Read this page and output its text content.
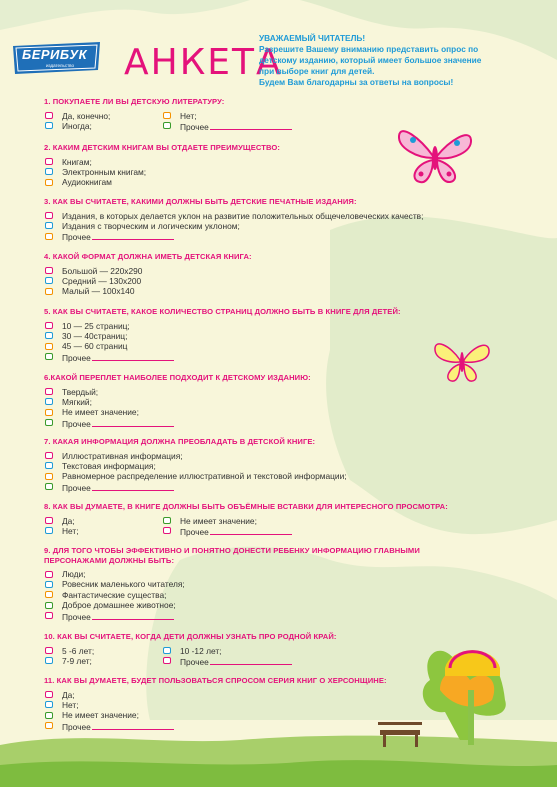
БЕРИБУК
издательство АНКЕТА
УВАЖАЕМЫЙ ЧИТАТЕЛЬ!
Разрешите Вашему вниманию представить опрос по
детскому изданию, который имеет большое значение
при выборе книг для детей.
Будем Вам благодарны за ответы на вопросы!
1. ПОКУПАЕТЕ ЛИ ВЫ ДЕТСКУЮ ЛИТЕРАТУРУ:
Да, конечно;
Иногда;
Нет;
Прочее
2. КАКИМ ДЕТСКИМ КНИГАМ ВЫ ОТДАЕТЕ ПРЕИМУЩЕСТВО:
Книгам;
Электронным книгам;
Аудиокнигам
3. КАК ВЫ СЧИТАЕТЕ, КАКИМИ ДОЛЖНЫ БЫТЬ ДЕТСКИЕ ПЕЧАТНЫЕ ИЗДАНИЯ:
Издания, в которых делается уклон на развитие положительных общечеловеческих качеств;
Издания с творческим и логическим уклоном;
Прочее
4. КАКОЙ ФОРМАТ ДОЛЖНА ИМЕТЬ ДЕТСКАЯ КНИГА:
Большой — 220х290
Средний — 130х200
Малый — 100х140
5. КАК ВЫ СЧИТАЕТЕ, КАКОЕ КОЛИЧЕСТВО СТРАНИЦ ДОЛЖНО БЫТЬ В КНИГЕ ДЛЯ ДЕТЕЙ:
10 — 25 страниц;
30 — 40страниц;
45 — 60 страниц
Прочее
6.КАКОЙ ПЕРЕПЛЕТ НАИБОЛЕЕ ПОДХОДИТ К ДЕТСКОМУ ИЗДАНИЮ:
Твердый;
Мягкий;
Не имеет значение;
Прочее
7. КАКАЯ ИНФОРМАЦИЯ ДОЛЖНА ПРЕОБЛАДАТЬ В ДЕТСКОЙ КНИГЕ:
Иллюстративная информация;
Текстовая информация;
Равномерное распределение иллюстративной и текстовой информации;
Прочее
8. КАК ВЫ ДУМАЕТЕ, В КНИГЕ ДОЛЖНЫ БЫТЬ ОБЪЁМНЫЕ ВСТАВКИ ДЛЯ ИНТЕРЕСНОГО ПРОСМОТРА:
Да;
Нет;
Не имеет значение;
Прочее
9. ДЛЯ ТОГО ЧТОБЫ ЭФФЕКТИВНО И ПОНЯТНО ДОНЕСТИ РЕБЕНКУ ИНФОРМАЦИЮ ГЛАВНЫМИ ПЕРСОНАЖАМИ ДОЛЖНЫ БЫТЬ:
Люди;
Ровесник маленького читателя;
Фантастические существа;
Доброе домашнее животное;
Прочее
10. КАК ВЫ СЧИТАЕТЕ, КОГДА ДЕТИ ДОЛЖНЫ УЗНАТЬ ПРО РОДНОЙ КРАЙ:
5 -6 лет;
7-9 лет;
10 -12 лет;
Прочее
11. КАК ВЫ ДУМАЕТЕ, БУДЕТ ПОЛЬЗОВАТЬСЯ СПРОСОМ СЕРИЯ КНИГ О ХЕРСОНЩИНЕ:
Да;
Нет;
Не имеет значение;
Прочее
